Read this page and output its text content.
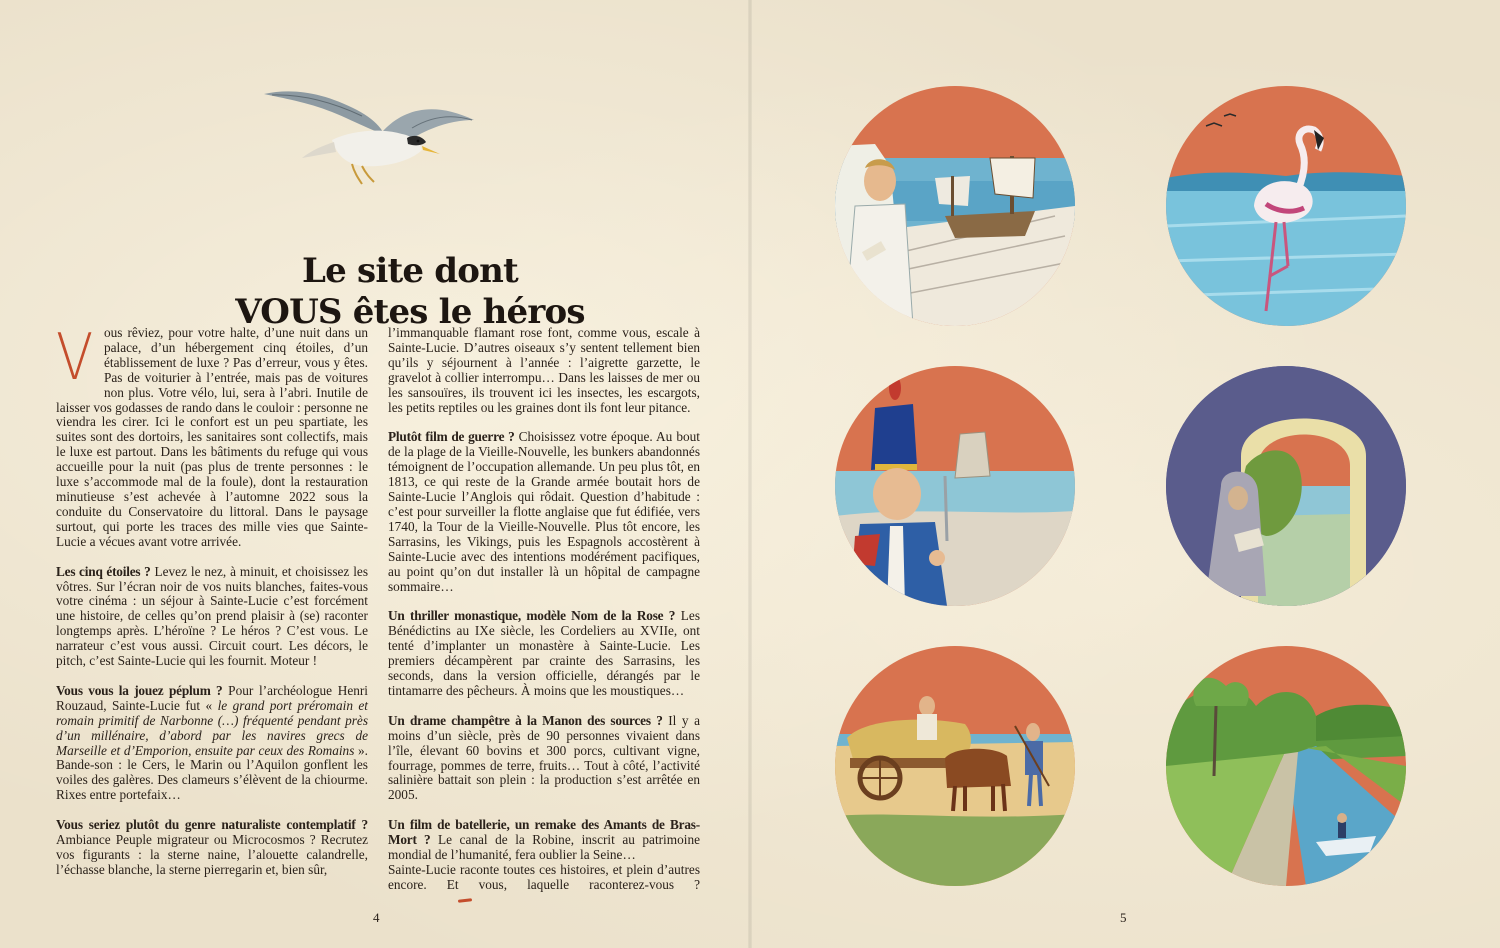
Le site dont
VOUS êtes le héros

Vous rêviez, pour votre halte, d’une nuit dans un palace, d’un hébergement cinq étoiles, d’un établissement de luxe ? Pas d’erreur, vous y êtes. Pas de voiturier à l’entrée, mais pas de voitures non plus. Votre vélo, lui, sera à l’abri. Inutile de laisser vos godasses de rando dans le couloir : personne ne viendra les cirer. Ici le confort est un peu spartiate, les suites sont des dortoirs, les sanitaires sont collectifs, mais le luxe est partout. Dans les bâtiments du refuge qui vous accueille pour la nuit (pas plus de trente personnes : le luxe s’accommode mal de la foule), dont la restauration minutieuse s’est achevée à l’automne 2022 sous la conduite du Conservatoire du littoral. Dans le paysage surtout, qui porte les traces des mille vies que Sainte-Lucie a vécues avant votre arrivée.

Les cinq étoiles ? Levez le nez, à minuit, et choisissez les vôtres. Sur l’écran noir de vos nuits blanches, faites-vous votre cinéma : un séjour à Sainte-Lucie c’est forcément une histoire, de celles qu’on prend plaisir à (se) raconter longtemps après. L’héroïne ? Le héros ? C’est vous. Le narrateur c’est vous aussi. Circuit court. Les décors, le pitch, c’est Sainte-Lucie qui les fournit. Moteur !

Vous vous la jouez péplum ? Pour l’archéologue Henri Rouzaud, Sainte-Lucie fut « le grand port préromain et romain primitif de Narbonne (…) fréquenté pendant près d’un millénaire, d’abord par les navires grecs de Marseille et d’Emporion, ensuite par ceux des Romains ». Bande-son : le Cers, le Marin ou l’Aquilon gonflent les voiles des galères. Des clameurs s’élèvent de la chiourme. Rixes entre portefaix…

Vous seriez plutôt du genre naturaliste contemplatif ? Ambiance Peuple migrateur ou Microcosmos ? Recrutez vos figurants : la sterne naine, l’alouette calandrelle, l’échasse blanche, la sterne pierregarin et, bien sûr,

l’immanquable flamant rose font, comme vous, escale à Sainte-Lucie. D’autres oiseaux s’y sentent tellement bien qu’ils y séjournent à l’année : l’aigrette garzette, le gravelot à collier interrompu… Dans les laisses de mer ou les sansouïres, ils trouvent ici les insectes, les escargots, les petits reptiles ou les graines dont ils font leur pitance.

Plutôt film de guerre ? Choisissez votre époque. Au bout de la plage de la Vieille-Nouvelle, les bunkers abandonnés témoignent de l’occupation allemande. Un peu plus tôt, en 1813, ce qui reste de la Grande armée boutait hors de Sainte-Lucie l’Anglois qui rôdait. Question d’habitude : c’est pour surveiller la flotte anglaise que fut édifiée, vers 1740, la Tour de la Vieille-Nouvelle. Plus tôt encore, les Sarrasins, les Vikings, puis les Espagnols accostèrent à Sainte-Lucie avec des intentions modérément pacifiques, au point qu’on dut installer là un hôpital de campagne sommaire…

Un thriller monastique, modèle Nom de la Rose ? Les Bénédictins au IXe siècle, les Cordeliers au XVIIe, ont tenté d’implanter un monastère à Sainte-Lucie. Les premiers décampèrent par crainte des Sarrasins, les seconds, dans la version officielle, dérangés par le tintamarre des pêcheurs. À moins que les moustiques…

Un drame champêtre à la Manon des sources ? Il y a moins d’un siècle, près de 90 personnes vivaient dans l’île, élevant 60 bovins et 300 porcs, cultivant vigne, fourrage, pommes de terre, fruits… Tout à côté, l’activité salinière battait son plein : la production s’est arrêtée en 2005.

Un film de batellerie, un remake des Amants de Bras-Mort ? Le canal de la Robine, inscrit au patrimoine mondial de l’humanité, fera oublier la Seine…

Sainte-Lucie raconte toutes ces histoires, et plein d’autres encore. Et vous, laquelle raconterez-vous ?

4	5
